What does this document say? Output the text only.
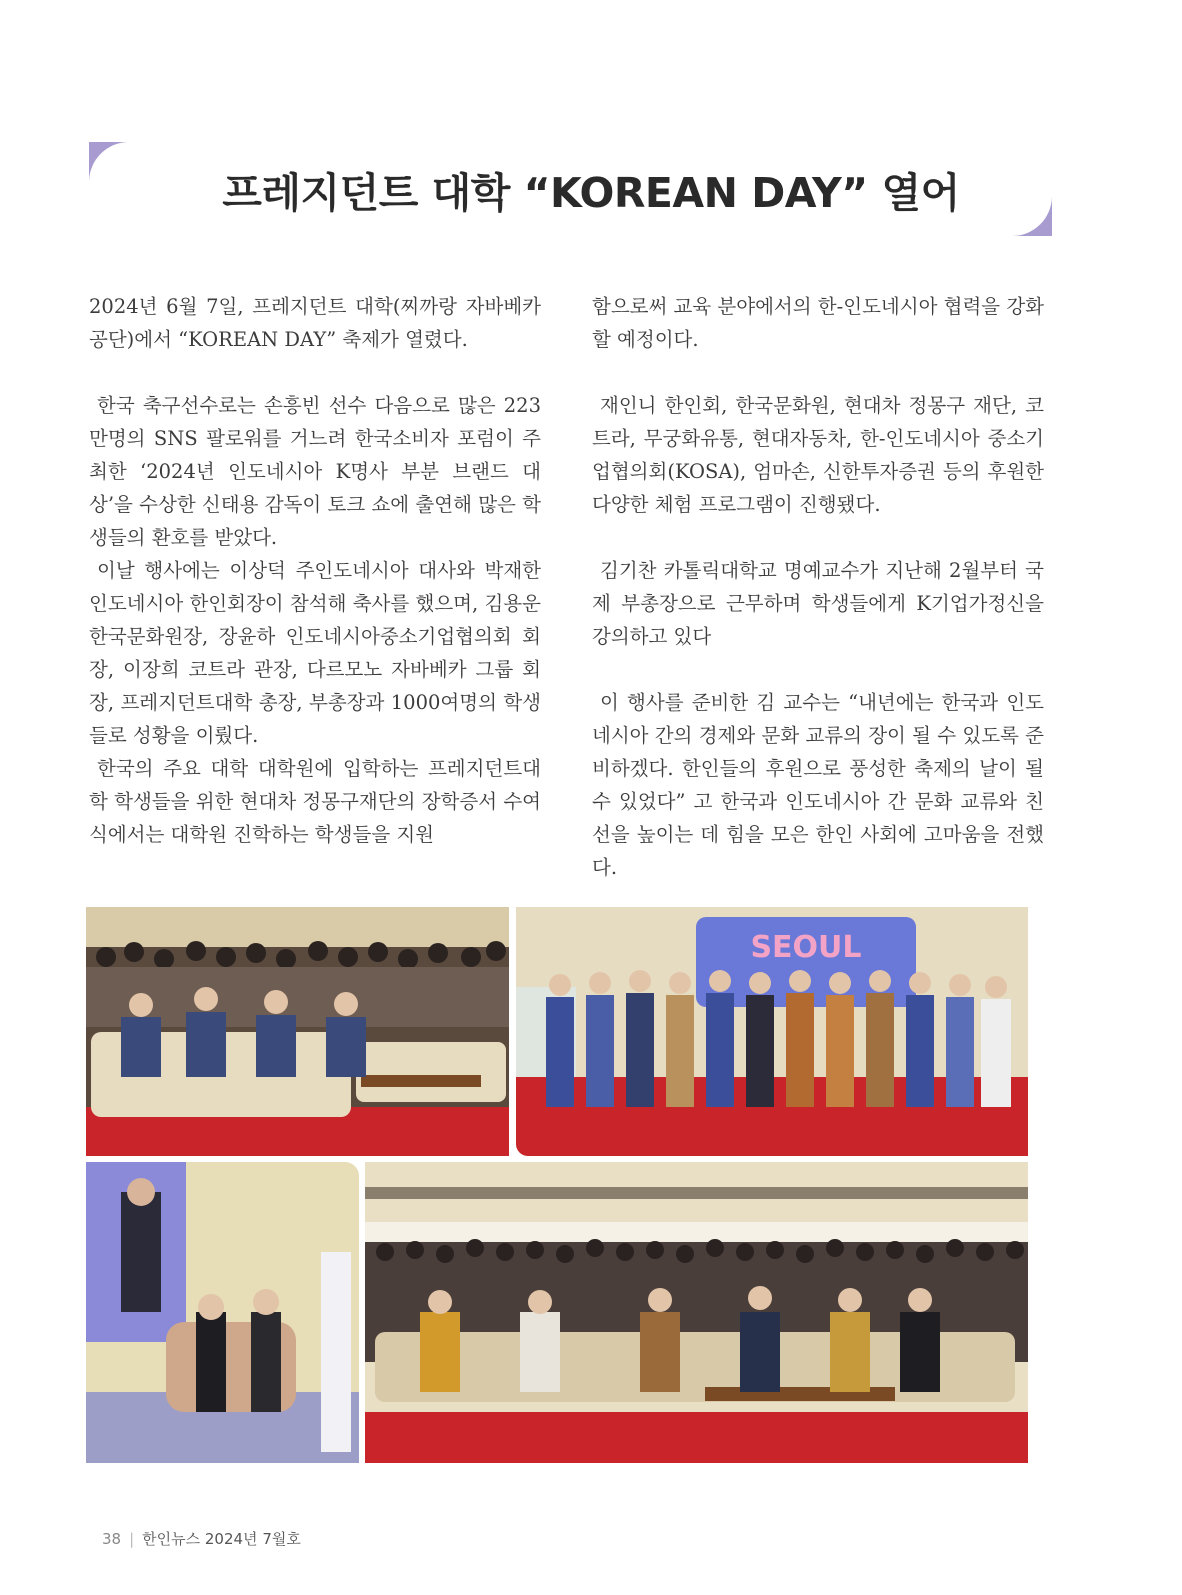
프레지던트 대학 “KOREAN DAY” 열어

2024년 6월 7일, 프레지던트 대학(찌까랑 자바베카 공단)에서 “KOREAN DAY” 축제가 열렸다.

한국 축구선수로는 손흥빈 선수 다음으로 많은 223만명의 SNS 팔로워를 거느려 한국소비자 포럼이 주최한 ‘2024년 인도네시아 K명사 부분 브랜드 대상’을 수상한 신태용 감독이 토크 쇼에 출연해 많은 학생들의 환호를 받았다.

이날 행사에는 이상덕 주인도네시아 대사와 박재한 인도네시아 한인회장이 참석해 축사를 했으며, 김용운 한국문화원장, 장윤하 인도네시아중소기업협의회 회장, 이장희 코트라 관장, 다르모노 자바베카 그룹 회장, 프레지던트대학 총장, 부총장과 1000여명의 학생들로 성황을 이뤘다.

한국의 주요 대학 대학원에 입학하는 프레지던트대학 학생들을 위한 현대차 정몽구재단의 장학증서 수여식에서는 대학원 진학하는 학생들을 지원

함으로써 교육 분야에서의 한-인도네시아 협력을 강화할 예정이다.

재인니 한인회, 한국문화원, 현대차 정몽구 재단, 코트라, 무궁화유통, 현대자동차, 한-인도네시아 중소기업협의회(KOSA), 엄마손, 신한투자증권 등의 후원한 다양한 체험 프로그램이 진행됐다.

김기찬 카톨릭대학교 명예교수가 지난해 2월부터 국제 부총장으로 근무하며 학생들에게 K기업가정신을 강의하고 있다

이 행사를 준비한 김 교수는 “내년에는 한국과 인도네시아 간의 경제와 문화 교류의 장이 될 수 있도록 준비하겠다. 한인들의 후원으로 풍성한 축제의 날이 될 수 있었다” 고 한국과 인도네시아 간 문화 교류와 친선을 높이는 데 힘을 모은 한인 사회에 고마움을 전했다.

SEOUL
38 | 한인뉴스 2024년 7월호
